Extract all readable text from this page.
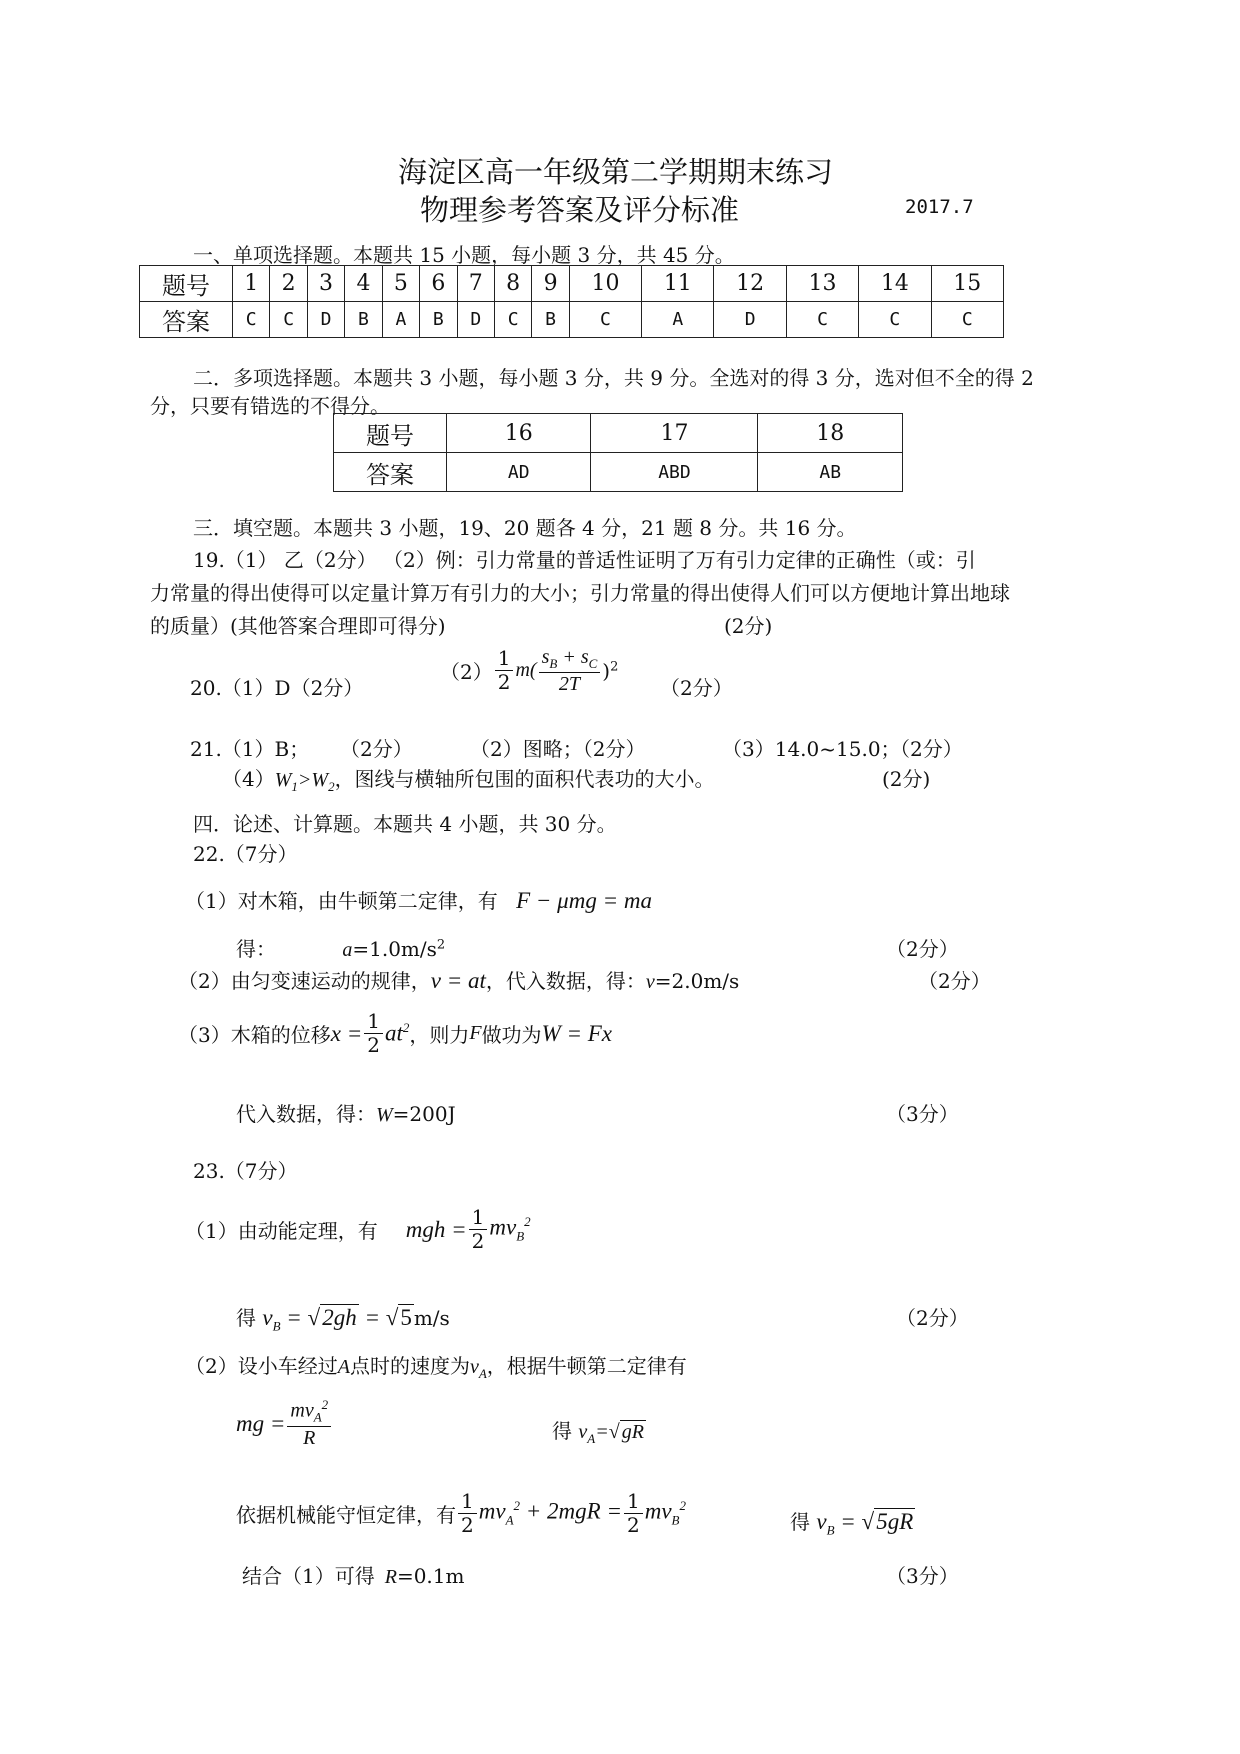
海淀区高一年级第二学期期末练习
物理参考答案及评分标准	2017.7
一、单项选择题。本题共 15 小题，每小题 3 分，共 45 分。
题号	1	2	3	4	5	6	7	8	9	10	11	12	13	14	15
答案	C	C	D	B	A	B	D	C	B	C	A	D	C	C	C
二．多项选择题。本题共 3 小题，每小题 3 分，共 9 分。全选对的得 3 分，选对但不全的得 2
分，只要有错选的不得分。
题号	16	17	18
答案	AD	ABD	AB
三．填空题。本题共 3 小题，19、20 题各 4 分，21 题 8 分。共 16 分。
19.（1） 乙（2分） （2）例：引力常量的普适性证明了万有引力定律的正确性（或：引
力常量的得出使得可以定量计算万有引力的大小；引力常量的得出使得人们可以方便地计算出地球
的质量）(其他答案合理即可得分)	(2分)
20.（1）D（2分）
$(2) \frac{1}{2} m( \frac{s_B + s_C}{2T} )^2$
（2分）
21.（1）B； （2分）	（2）图略；（2分）	（3）14.0~15.0；
（2分）
$(4)W_1>W_2$，图线与横轴所包围的面积代表功的大小。	(2分)
四．论述、计算题。本题共 4 小题，共 30 分。
22.（7分）
（1）对木箱，由牛顿第二定律，有 F − μmg = ma
得：	$a=1.0m/s^2$	（2分）
（2）由匀变速运动的规律，v = at，代入数据，得：v=2.0m/s	（2分）
（3）木箱的位移 $x = \frac{1}{2} at^2$ ，则力 F 做功为 W = Fx
代入数据，得：W=200J	（3分）
23.（7分）
（1）由动能定理，有 mgh = $\frac{1}{2} mv_B^2$
得 $v_B = √2gh = √5$ m/s	（2分）
（2）设小车经过A点时的速度为$v_A$，根据牛顿第二定律有
mg = $\frac{mv_A^2}{R}$	得 $v_A=√$ gR
依据机械能守恒定律，有 $\frac{1}{2} mv_A^2 + 2mgR = \frac{1}{2} mv_B^2$
得 $v_B = √5gR$
结合（1）可得 R=0.1m	（3分）
